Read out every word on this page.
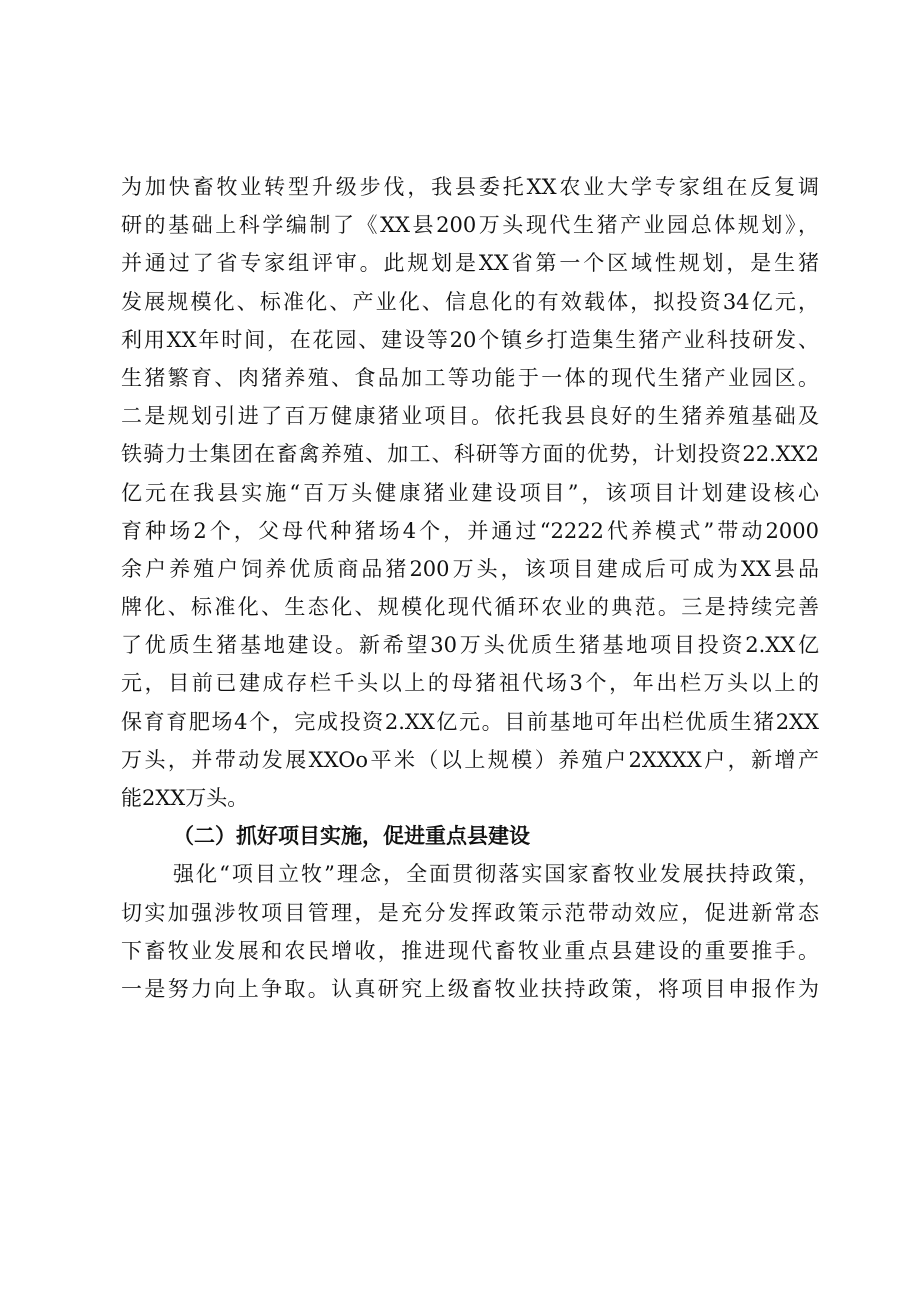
为加快畜牧业转型升级步伐，我县委托XX农业大学专家组在反复调
研的基础上科学编制了《XX县200万头现代生猪产业园总体规划》，
并通过了省专家组评审。此规划是XX省第一个区域性规划，是生猪
发展规模化、标准化、产业化、信息化的有效载体，拟投资34亿元，
利用XX年时间，在花园、建设等20个镇乡打造集生猪产业科技研发、
生猪繁育、肉猪养殖、食品加工等功能于一体的现代生猪产业园区。
二是规划引进了百万健康猪业项目。依托我县良好的生猪养殖基础及
铁骑力士集团在畜禽养殖、加工、科研等方面的优势，计划投资22.XX2
亿元在我县实施“百万头健康猪业建设项目”，该项目计划建设核心
育种场2个，父母代种猪场4个，并通过“2222代养模式”带动2000
余户养殖户饲养优质商品猪200万头，该项目建成后可成为XX县品
牌化、标准化、生态化、规模化现代循环农业的典范。三是持续完善
了优质生猪基地建设。新希望30万头优质生猪基地项目投资2.XX亿
元，目前已建成存栏千头以上的母猪祖代场3个，年出栏万头以上的
保育育肥场4个，完成投资2.XX亿元。目前基地可年出栏优质生猪2XX
万头，并带动发展XXOo平米（以上规模）养殖户2XXXX户，新增产
能2XX万头。
（二）抓好项目实施，促进重点县建设
强化“项目立牧”理念，全面贯彻落实国家畜牧业发展扶持政策，
切实加强涉牧项目管理，是充分发挥政策示范带动效应，促进新常态
下畜牧业发展和农民增收，推进现代畜牧业重点县建设的重要推手。
一是努力向上争取。认真研究上级畜牧业扶持政策，将项目申报作为
